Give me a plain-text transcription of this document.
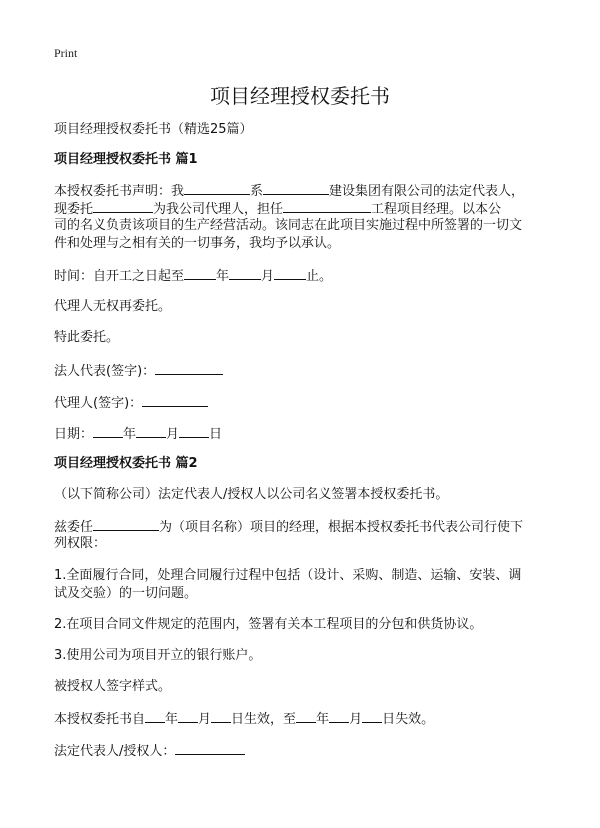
Print
项目经理授权委托书
项目经理授权委托书（精选25篇）
项目经理授权委托书 篇1
本授权委托书声明：我	系	建设集团有限公司的法定代表人，
现委托	为我公司代理人，担任	工程项目经理。以本公
司的名义负责该项目的生产经营活动。该同志在此项目实施过程中所签署的一切文
件和处理与之相有关的一切事务，我均予以承认。
时间：自开工之日起至 年 月 止。
代理人无权再委托。
特此委托。
法人代表(签字)：
代理人(签字)：
日期： 年 月 日
项目经理授权委托书 篇2
（以下简称公司）法定代表人/授权人以公司名义签署本授权委托书。
兹委任	为（项目名称）项目的经理，根据本授权委托书代表公司行使下
列权限：
1.全面履行合同，处理合同履行过程中包括（设计、采购、制造、运输、安装、调
试及交验）的一切问题。
2.在项目合同文件规定的范围内，签署有关本工程项目的分包和供货协议。
3.使用公司为项目开立的银行账户。
被授权人签字样式。
本授权委托书自 年 月 日生效，至 年 月 日失效。
法定代表人/授权人：
